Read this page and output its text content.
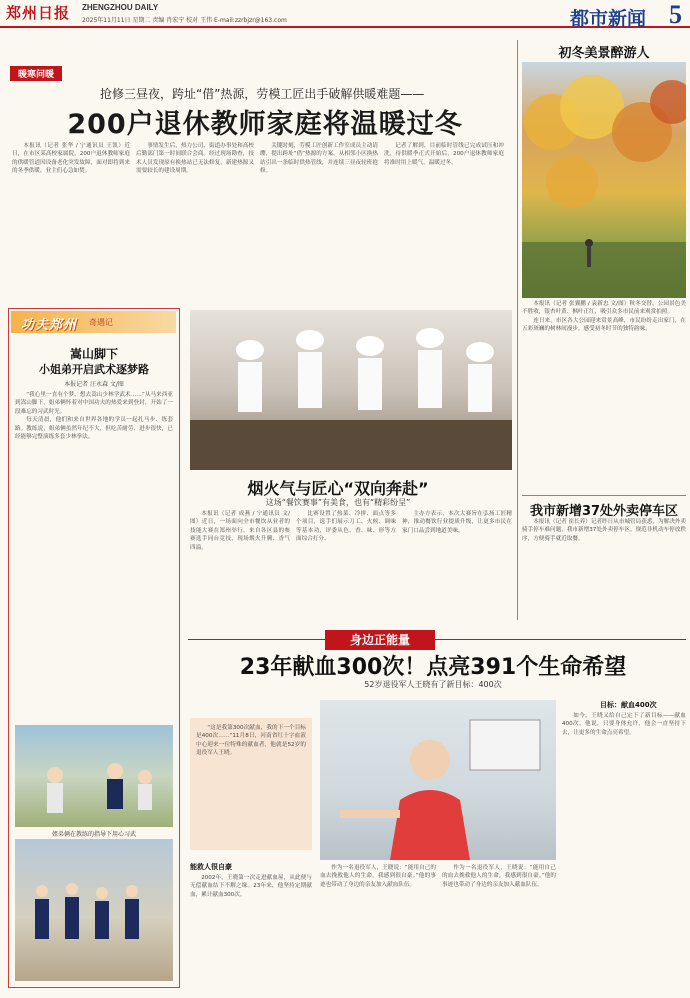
郑州日报 ZHENGZHOU DAILY
2025年11月11日 星期二 责编 肖宏宁 校对 王伟 E-mail:zzrbjzr@163.com	都市新闻 5
暖寒问暖
抢修三昼夜，跨址“借”热源，劳模工匠出手破解供暖难题——
200户退休教师家庭将温暖过冬

本报讯（记者 张华 / 宁通讯员 王凯）近日，在市区某高校家属院，200户退休教师家庭的供暖管道因设备老化突发故障，面对即将到来的冬季供暖，业主们心急如焚。

事情发生后，热力公司、街道办事处和高校后勤部门第一时间联合会商。经过现场勘查，技术人员发现原有换热站已无法修复，新建热源又需要较长的建设周期。

关键时刻，劳模工匠创新工作室成员主动请缨，提出跨址“借”热源的方案，从相邻小区换热站引出一条临时供热管线，并连续三昼夜轮班抢修。

记者了解到，目前临时管线已完成试压和冲洗，待供暖季正式开始后，200户退休教师家庭将准时用上暖气，温暖过冬。

初冬美景醉游人

本报讯（记者 张翼鹏 / 袁新忠 文/图）秋冬交替，公园景色美不胜收，银杏叶黄、枫叶正红，吸引众多市民前来观赏拍照。

连日来，市区各大公园迎来赏景高峰，市民纷纷走出家门，在五彩斑斓的树林间漫步，感受初冬时节的独特韵味。

我市新增37处外卖停车区

本报讯（记者 崔长养）记者昨日从市城管局获悉，为解决外卖骑手停车难问题，我市新增37处外卖停车区，规范非机动车停放秩序，方便骑手就近取餐。

功夫郑州 奇遇记
嵩山脚下
小姐弟开启武术逐梦路
本报记者 汪永森 文/图

“我心里一直有个梦，想去嵩山少林学武术……”从马来西亚到嵩山脚下，姐弟俩怀着对中国功夫的热爱来到登封，开始了一段难忘的习武时光。

每天清晨，他们和来自世界各地的学员一起扎马步、练套路。教练说，姐弟俩虽然年纪不大，但吃苦耐劳、进步很快，已经能够完整演练多套少林拳法。

姐弟俩在教练的指导下用心习武
烟火气与匠心“双向奔赴”
这场“餐饮赛事”有美食，也有“精彩纷呈”

本报讯（记者 成燕 / 宁通讯员 文/图）近日，一场面向全市餐饮从业者的技能大赛在郑州举行，来自各区县的参赛选手同台竞技，现场烟火升腾、香气四溢。

比赛设置了热菜、冷拼、面点等多个项目，选手们展示刀工、火候、调味等基本功，评委从色、香、味、形等方面综合打分。

主办方表示，本次大赛旨在弘扬工匠精神，推动餐饮行业提质升级，让更多市民在家门口品尝到地道美味。

身边正能量
23年献血300次！点亮391个生命希望
52岁退役军人王晓有了新目标：400次

“这是我第300次献血，我的下一个目标是400次……”11月8日，河南省红十字血液中心迎来一位特殊的献血者，他就是52岁的退役军人王晓。

能救人很自豪

2002年，王晓第一次走进献血屋，从此便与无偿献血结下不解之缘。23年来，他坚持定期献血，累计献血300次。

作为一名退役军人，王晓说：“能用自己的血去挽救他人的生命，我感到很自豪。”他的事迹也带动了身边的亲友加入献血队伍。

作为一名退役军人，王晓说：“能用自己的血去挽救他人的生命，我感到很自豪。”他的事迹也带动了身边的亲友加入献血队伍。

目标：献血400次

如今，王晓又给自己定下了新目标——献血400次。他说，只要身体允许，他会一直坚持下去，让更多的生命点亮希望。
